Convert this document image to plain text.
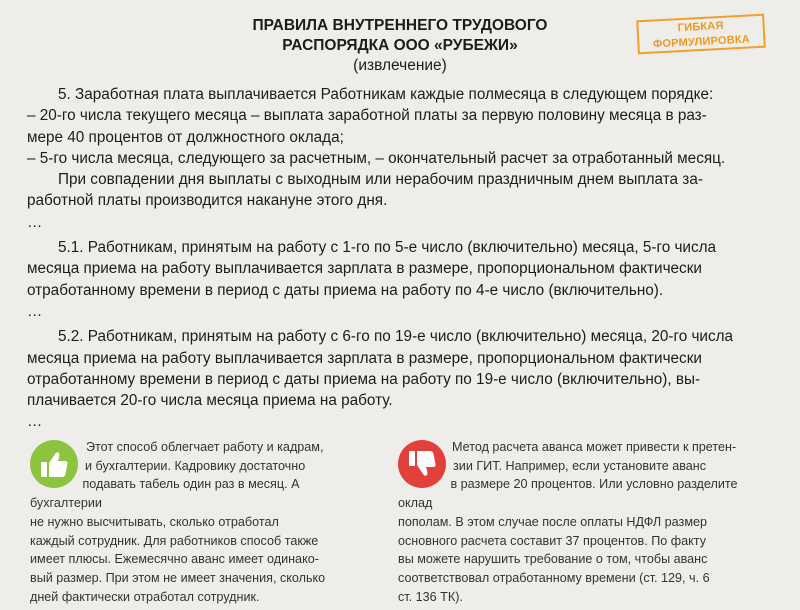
ПРАВИЛА ВНУТРЕННЕГО ТРУДОВОГО
РАСПОРЯДКА ООО «РУБЕЖИ»
(извлечение)
ГИБКАЯ
ФОРМУЛИРОВКА
5. Заработная плата выплачивается Работникам каждые полмесяца в следующем порядке:
– 20-го числа текущего месяца – выплата заработной платы за первую половину месяца в раз-
мере 40 процентов от должностного оклада;
– 5-го числа месяца, следующего за расчетным, – окончательный расчет за отработанный месяц.
При совпадении дня выплаты с выходным или нерабочим праздничным днем выплата за-
работной платы производится накануне этого дня.
…
5.1. Работникам, принятым на работу с 1-го по 5-е число (включительно) месяца, 5-го числа
месяца приема на работу выплачивается зарплата в размере, пропорциональном фактически
отработанному времени в период с даты приема на работу по 4-е число (включительно).
…
5.2. Работникам, принятым на работу с 6-го по 19-е число (включительно) месяца, 20-го числа
месяца приема на работу выплачивается зарплата в размере, пропорциональном фактически
отработанному времени в период с даты приема на работу по 19-е число (включительно), вы-
плачивается 20-го числа месяца приема на работу.
…
Этот способ облегчает работу и кадрам,
и бухгалтерии. Кадровику достаточно
подавать табель один раз в месяц. А бухгалтерии
не нужно высчитывать, сколько отработал
каждый сотрудник. Для работников способ также
имеет плюсы. Ежемесячно аванс имеет одинако-
вый размер. При этом не имеет значения, сколько
дней фактически отработал сотрудник.
Метод расчета аванса может привести к претен-
зии ГИТ. Например, если установите аванс
в размере 20 процентов. Или условно разделите оклад
пополам. В этом случае после оплаты НДФЛ размер
основного расчета составит 37 процентов. По факту
вы можете нарушить требование о том, чтобы аванс
соответствовал отработанному времени (ст. 129, ч. 6
ст. 136 ТК).
